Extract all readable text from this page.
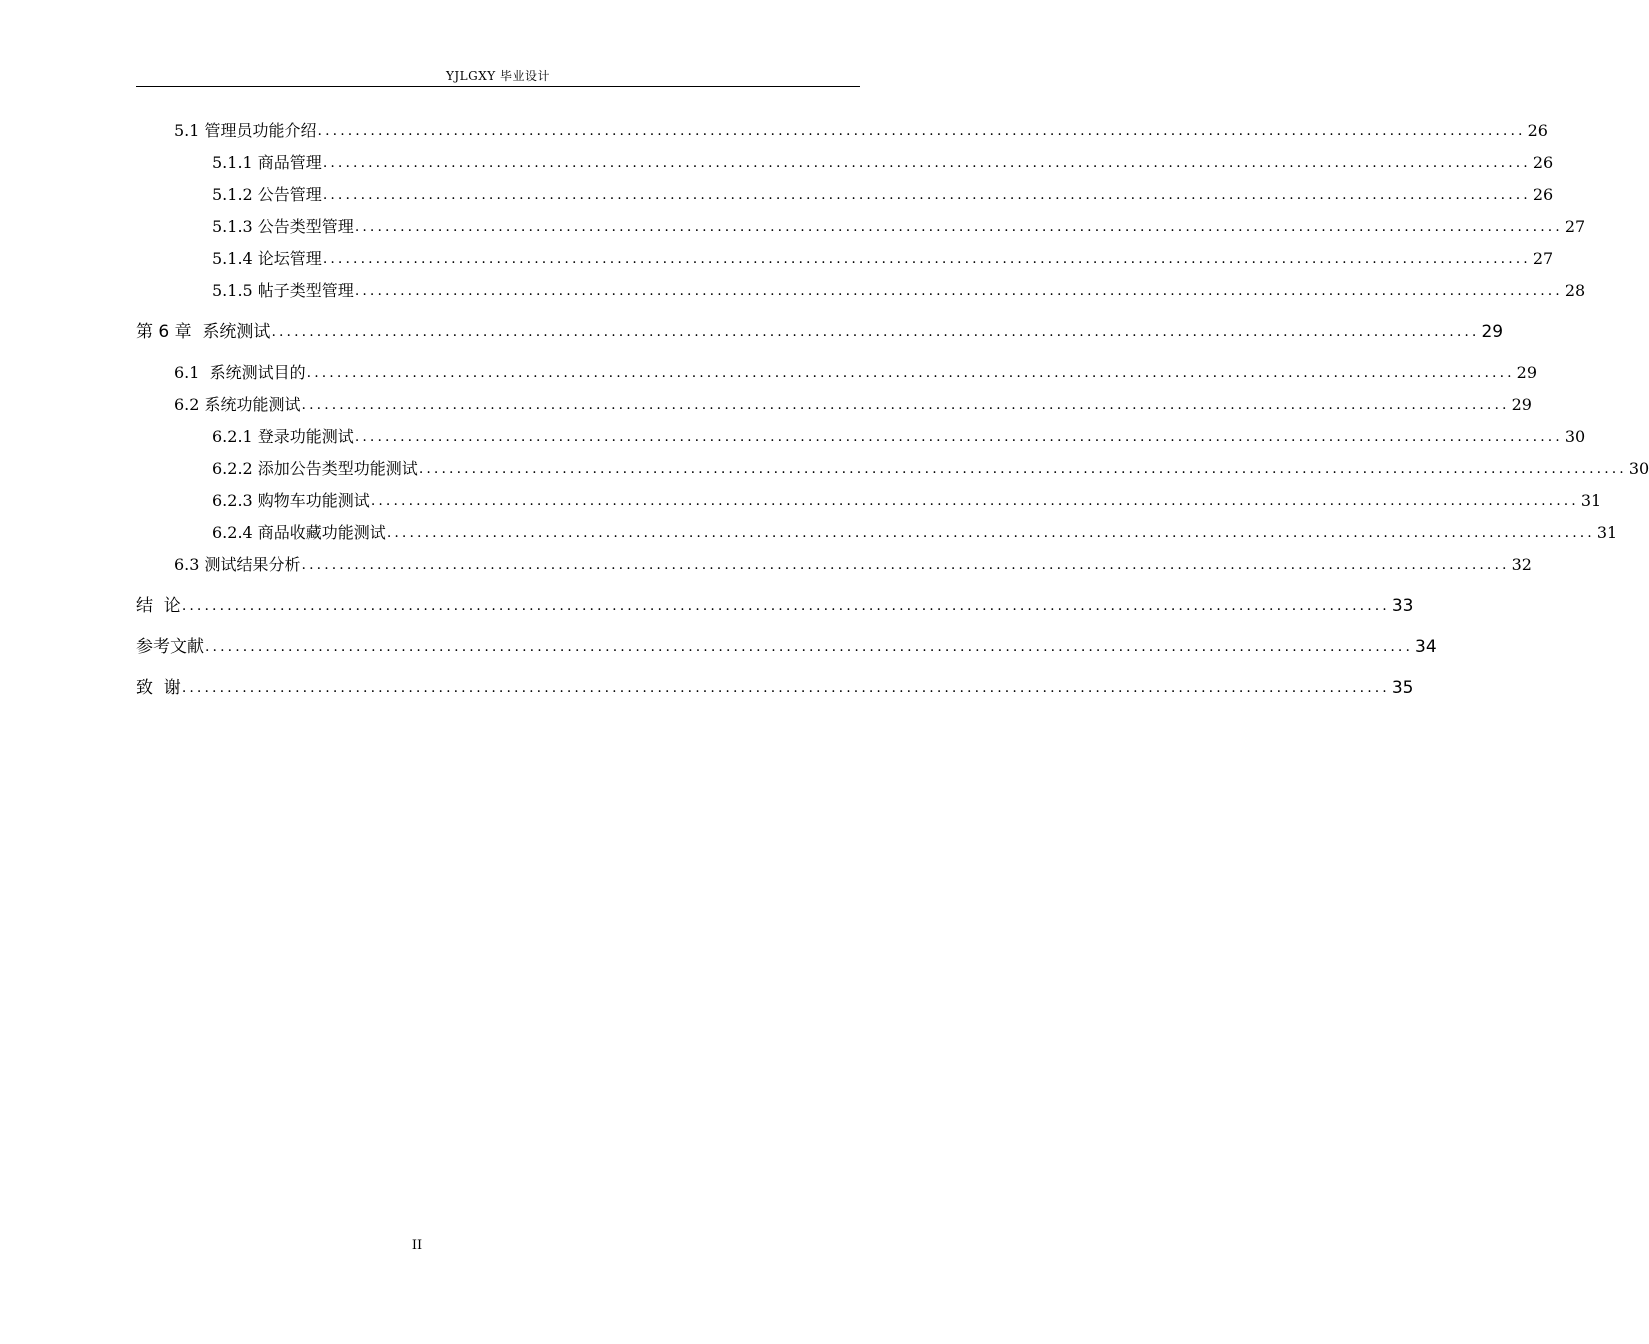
YJLGXY 毕业设计
5.1 管理员功能介绍 ................................................................................................................................................................ 26
5.1.1 商品管理 ................................................................................................................................................................ 26
5.1.2 公告管理 ................................................................................................................................................................ 26
5.1.3 公告类型管理 ................................................................................................................................................................ 27
5.1.4 论坛管理 ................................................................................................................................................................ 27
5.1.5 帖子类型管理 ................................................................................................................................................................ 28
第 6 章 系统测试 ................................................................................................................................................................ 29
6.1 系统测试目的 ................................................................................................................................................................ 29
6.2 系统功能测试 ................................................................................................................................................................ 29
6.2.1 登录功能测试 ................................................................................................................................................................ 30
6.2.2 添加公告类型功能测试 ................................................................................................................................................................ 30
6.2.3 购物车功能测试 ................................................................................................................................................................ 31
6.2.4 商品收藏功能测试 ................................................................................................................................................................ 31
6.3 测试结果分析 ................................................................................................................................................................ 32
结  论 ................................................................................................................................................................ 33
参考文献 ................................................................................................................................................................ 34
致  谢 ................................................................................................................................................................ 35
II
